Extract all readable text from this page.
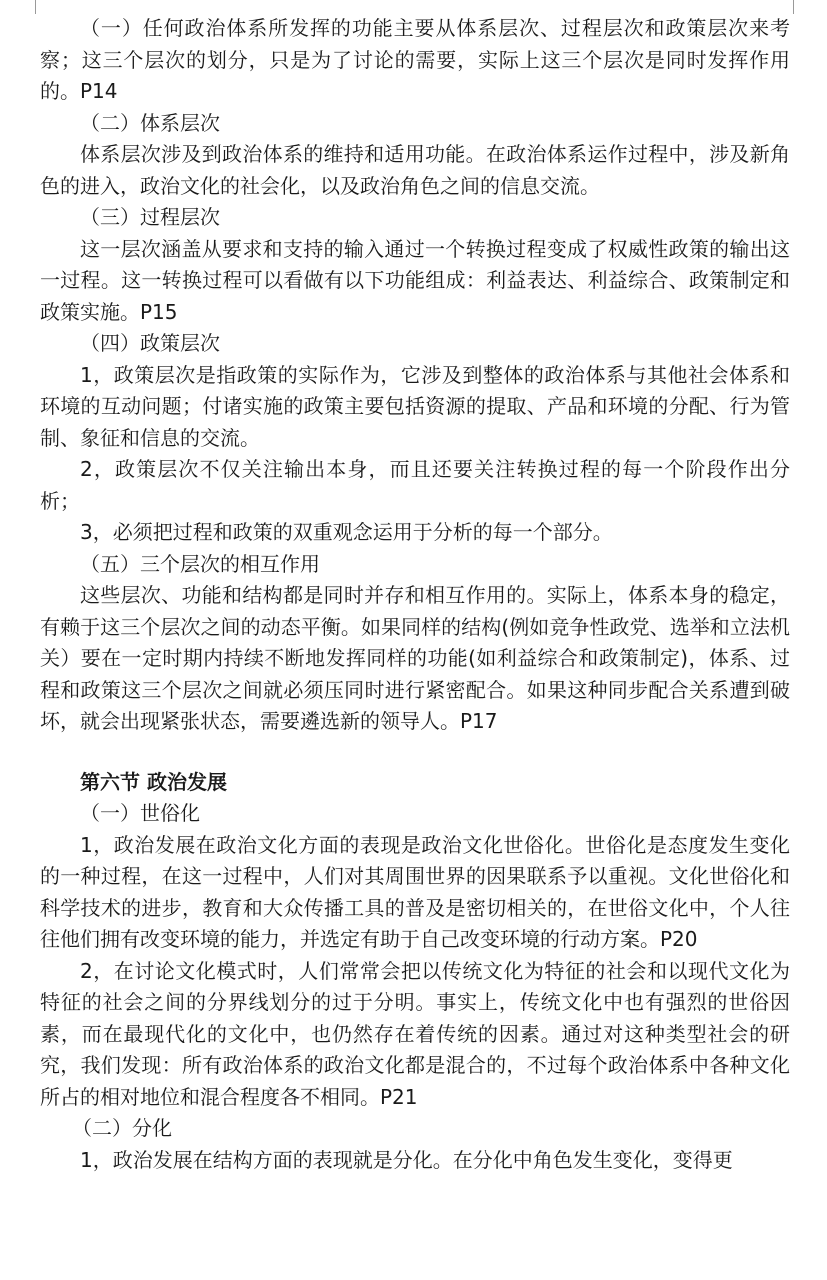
（一）任何政治体系所发挥的功能主要从体系层次、过程层次和政策层次来考察；这三个层次的划分，只是为了讨论的需要，实际上这三个层次是同时发挥作用的。P14

（二）体系层次

体系层次涉及到政治体系的维持和适用功能。在政治体系运作过程中，涉及新角色的进入，政治文化的社会化，以及政治角色之间的信息交流。

（三）过程层次

这一层次涵盖从要求和支持的输入通过一个转换过程变成了权威性政策的输出这一过程。这一转换过程可以看做有以下功能组成：利益表达、利益综合、政策制定和政策实施。P15

（四）政策层次

1，政策层次是指政策的实际作为，它涉及到整体的政治体系与其他社会体系和环境的互动问题；付诸实施的政策主要包括资源的提取、产品和环境的分配、行为管制、象征和信息的交流。

2，政策层次不仅关注输出本身，而且还要关注转换过程的每一个阶段作出分析；

3，必须把过程和政策的双重观念运用于分析的每一个部分。

（五）三个层次的相互作用

这些层次、功能和结构都是同时并存和相互作用的。实际上，体系本身的稳定，有赖于这三个层次之间的动态平衡。如果同样的结构(例如竞争性政党、选举和立法机关）要在一定时期内持续不断地发挥同样的功能(如利益综合和政策制定)，体系、过程和政策这三个层次之间就必须压同时进行紧密配合。如果这种同步配合关系遭到破坏，就会出现紧张状态，需要遴选新的领导人。P17

第六节 政治发展

（一）世俗化

1，政治发展在政治文化方面的表现是政治文化世俗化。世俗化是态度发生变化的一种过程，在这一过程中，人们对其周围世界的因果联系予以重视。文化世俗化和科学技术的进步，教育和大众传播工具的普及是密切相关的，在世俗文化中，个人往往他们拥有改变环境的能力，并选定有助于自己改变环境的行动方案。P20

2，在讨论文化模式时，人们常常会把以传统文化为特征的社会和以现代文化为特征的社会之间的分界线划分的过于分明。事实上，传统文化中也有强烈的世俗因素，而在最现代化的文化中，也仍然存在着传统的因素。通过对这种类型社会的研究，我们发现：所有政治体系的政治文化都是混合的，不过每个政治体系中各种文化所占的相对地位和混合程度各不相同。P21

（二）分化

1，政治发展在结构方面的表现就是分化。在分化中角色发生变化，变得更
